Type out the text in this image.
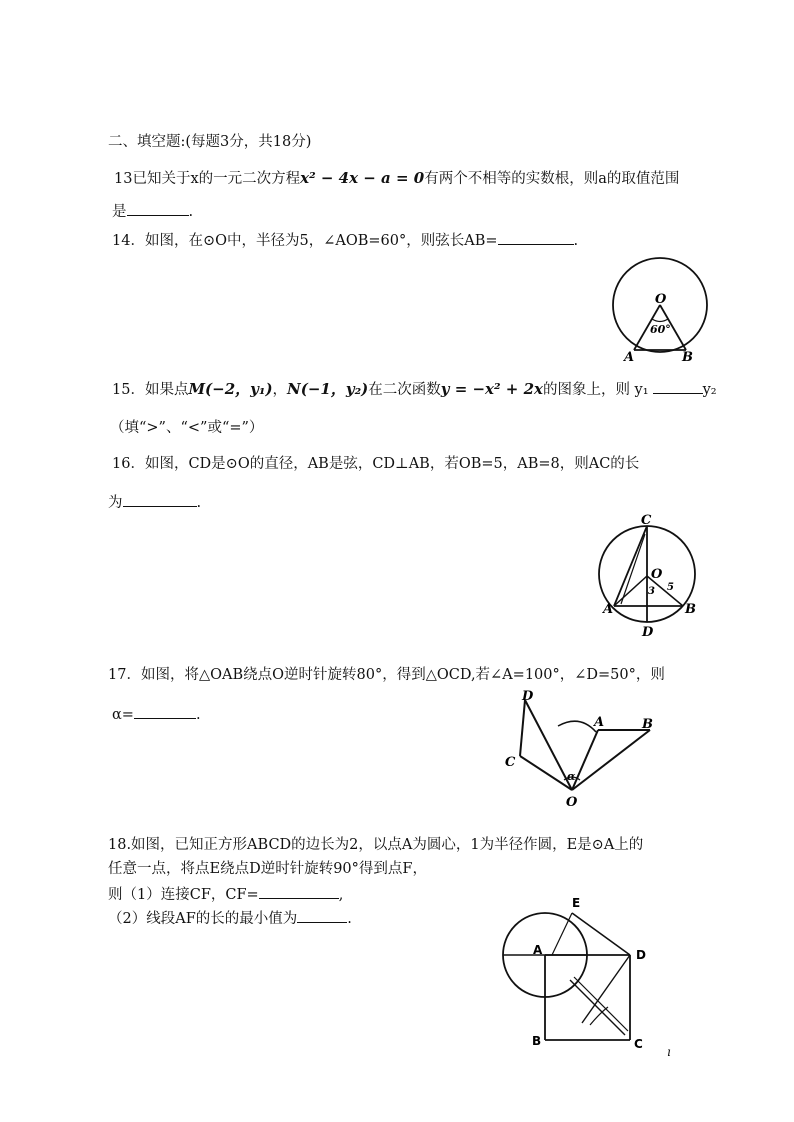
二、填空题:(每题3分，共18分)
13已知关于x的一元二次方程x² − 4x − a = 0有两个不相等的实数根，则a的取值范围
是	.
14．如图，在⊙O中，半径为5，∠AOB=60°，则弦长AB=	.
O
60°
A	B
15．如果点M(−2，y₁)，N(−1，y₂)在二次函数y = −x² + 2x的图象上，则 y₁	y₂
（填“>”、“<”或“=”）
16．如图，CD是⊙O的直径，AB是弦，CD⊥AB，若OB=5，AB=8，则AC的长
为	.
C
O
5
3
A	B
D
17．如图，将△OAB绕点O逆时针旋转80°，得到△OCD,若∠A=100°，∠D=50°，则
α=	.
D
A	B
C
α
O
18.如图，已知正方形ABCD的边长为2，以点A为圆心，1为半径作圆，E是⊙A上的
任意一点，将点E绕点D逆时针旋转90°得到点F，
则（1）连接CF，CF=	,
（2）线段AF的长的最小值为	.
E
A	D
B	C
ı
